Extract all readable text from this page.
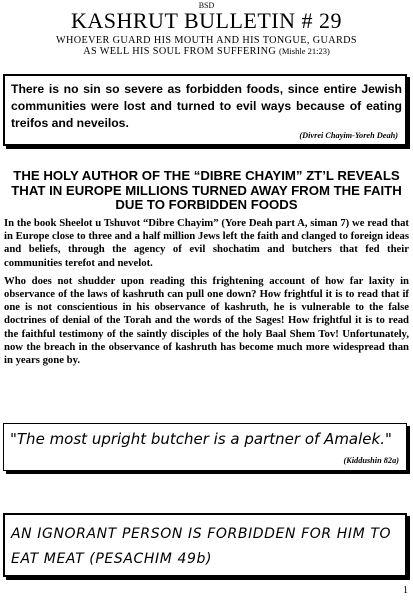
BSD
KASHRUT BULLETIN # 29
WHOEVER GUARD HIS MOUTH AND HIS TONGUE, GUARDS
AS WELL HIS SOUL FROM SUFFERING (Mishle 21:23)
There is no sin so severe as forbidden foods, since entire Jewish communities were lost and turned to evil ways because of eating treifos and neveilos.
(Divrei Chayim-Yoreh Deah)
THE HOLY AUTHOR OF THE “DIBRE CHAYIM” ZT’L REVEALS THAT IN EUROPE MILLIONS TURNED AWAY FROM THE FAITH DUE TO FORBIDDEN FOODS

In the book Sheelot u Tshuvot “Dibre Chayim” (Yore Deah part A, siman 7) we read that in Europe close to three and a half million Jews left the faith and clanged to foreign ideas and beliefs, through the agency of evil shochatim and butchers that fed their communities terefot and nevelot.

Who does not shudder upon reading this frightening account of how far laxity in observance of the laws of kashruth can pull one down? How frightful it is to read that if one is not conscientious in his observance of kashruth, he is vulnerable to the false doctrines of denial of the Torah and the words of the Sages! How frightful it is to read the faithful testimony of the saintly disciples of the holy Baal Shem Tov! Unfortunately, now the breach in the observance of kashruth has become much more widespread than in years gone by.

"The most upright butcher is a partner of Amalek."
(Kiddushin 82a)
AN IGNORANT PERSON IS FORBIDDEN FOR HIM TO EAT MEAT (PESACHIM 49b)
1
